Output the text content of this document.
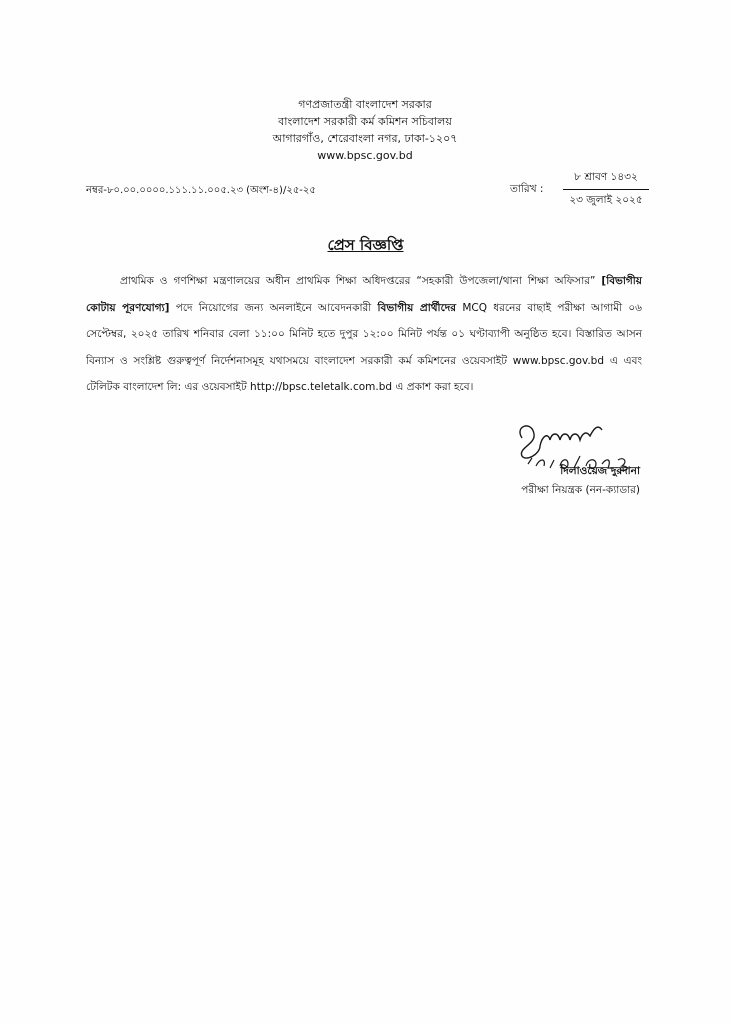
গণপ্রজাতন্ত্রী বাংলাদেশ সরকার
বাংলাদেশ সরকারী কর্ম কমিশন সচিবালয়
আগারগাঁও, শেরেবাংলা নগর, ঢাকা-১২০৭
www.bpsc.gov.bd
নম্বর-৮০.০০.০০০০.১১১.১১.০০৫.২৩ (অংশ-৪)/২৫-২৫	তারিখ :
৮ শ্রাবণ ১৪৩২
২৩ জুলাই ২০২৫
প্রেস বিজ্ঞপ্তি
প্রাথমিক ও গণশিক্ষা মন্ত্রণালয়ের অধীন প্রাথমিক শিক্ষা অধিদপ্তরের “সহকারী উপজেলা/থানা শিক্ষা অফিসার” [বিভাগীয় কোটায় পূরণযোগ্য] পদে নিয়োগের জন্য অনলাইনে আবেদনকারী বিভাগীয় প্রার্থীদের MCQ ধরনের বাছাই পরীক্ষা আগামী ০৬ সেপ্টেম্বর, ২০২৫ তারিখ শনিবার বেলা ১১:০০ মিনিট হতে দুপুর ১২:০০ মিনিট পর্যন্ত ০১ ঘণ্টাব্যাপী অনুষ্ঠিত হবে। বিস্তারিত আসন বিন্যাস ও সংশ্লিষ্ট গুরুত্বপূর্ণ নির্দেশনাসমূহ যথাসময়ে বাংলাদেশ সরকারী কর্ম কমিশনের ওয়েবসাইট www.bpsc.gov.bd এ এবং টেলিটক বাংলাদেশ লি: এর ওয়েবসাইট http://bpsc.teletalk.com.bd এ প্রকাশ করা হবে।
দিলাওয়েজ দুরদানা
পরীক্ষা নিয়ন্ত্রক (নন-ক্যাডার)
